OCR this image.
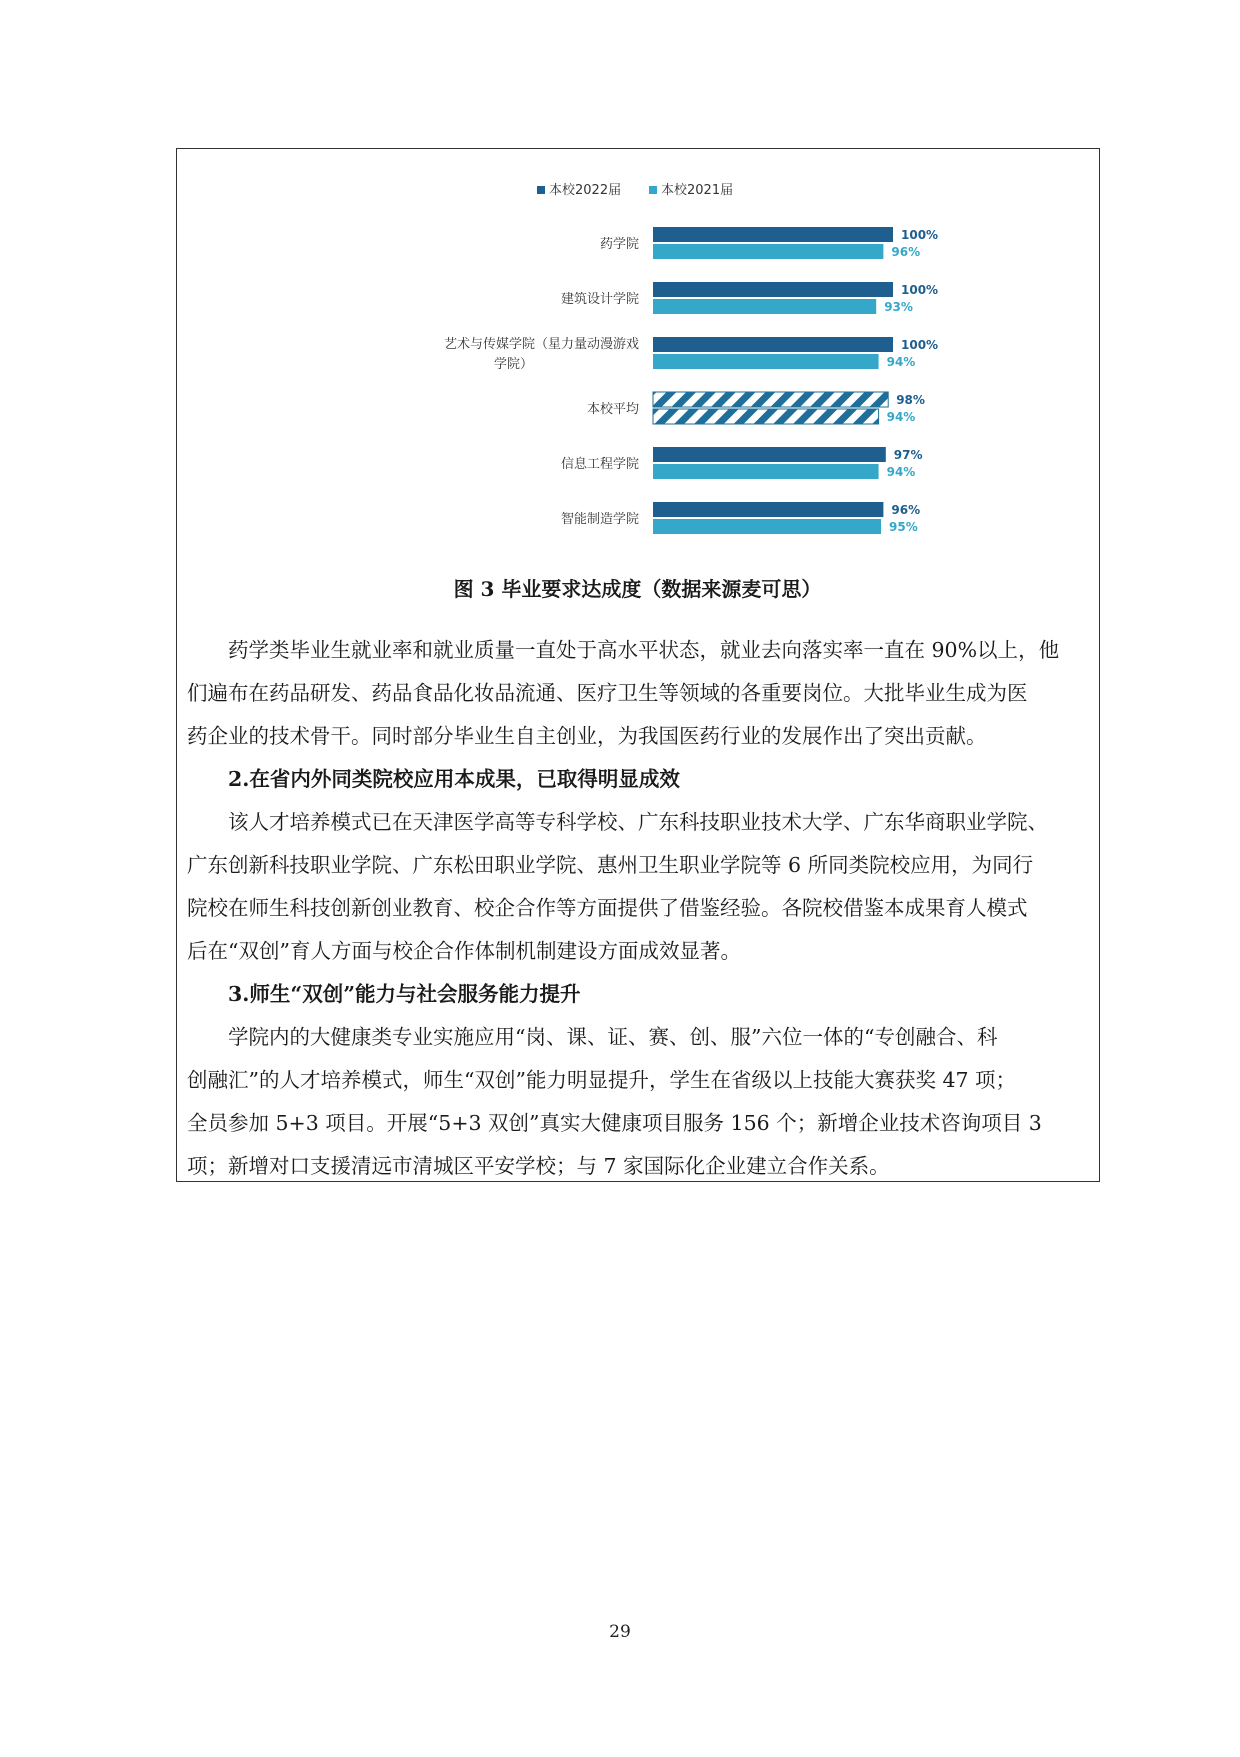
本校2022届	本校2021届
药学院
建筑设计学院
艺术与传媒学院（星力量动漫游戏
学院）
本校平均
信息工程学院
智能制造学院
100%
96%
100%
93%
100%
94%
98%
94%
97%
94%
96%
95%
图 3 毕业要求达成度（数据来源麦可思）
药学类毕业生就业率和就业质量一直处于高水平状态，就业去向落实率一直在 90%以上，他
们遍布在药品研发、药品食品化妆品流通、医疗卫生等领域的各重要岗位。大批毕业生成为医
药企业的技术骨干。同时部分毕业生自主创业，为我国医药行业的发展作出了突出贡献。
2.在省内外同类院校应用本成果，已取得明显成效
该人才培养模式已在天津医学高等专科学校、广东科技职业技术大学、广东华商职业学院、
广东创新科技职业学院、广东松田职业学院、惠州卫生职业学院等 6 所同类院校应用，为同行
院校在师生科技创新创业教育、校企合作等方面提供了借鉴经验。各院校借鉴本成果育人模式
后在“双创”育人方面与校企合作体制机制建设方面成效显著。
3.师生“双创”能力与社会服务能力提升
学院内的大健康类专业实施应用“岗、课、证、赛、创、服”六位一体的“专创融合、科
创融汇”的人才培养模式，师生“双创”能力明显提升，学生在省级以上技能大赛获奖 47 项；
全员参加 5+3 项目。开展“5+3 双创”真实大健康项目服务 156 个；新增企业技术咨询项目 3
项；新增对口支援清远市清城区平安学校；与 7 家国际化企业建立合作关系。
29
